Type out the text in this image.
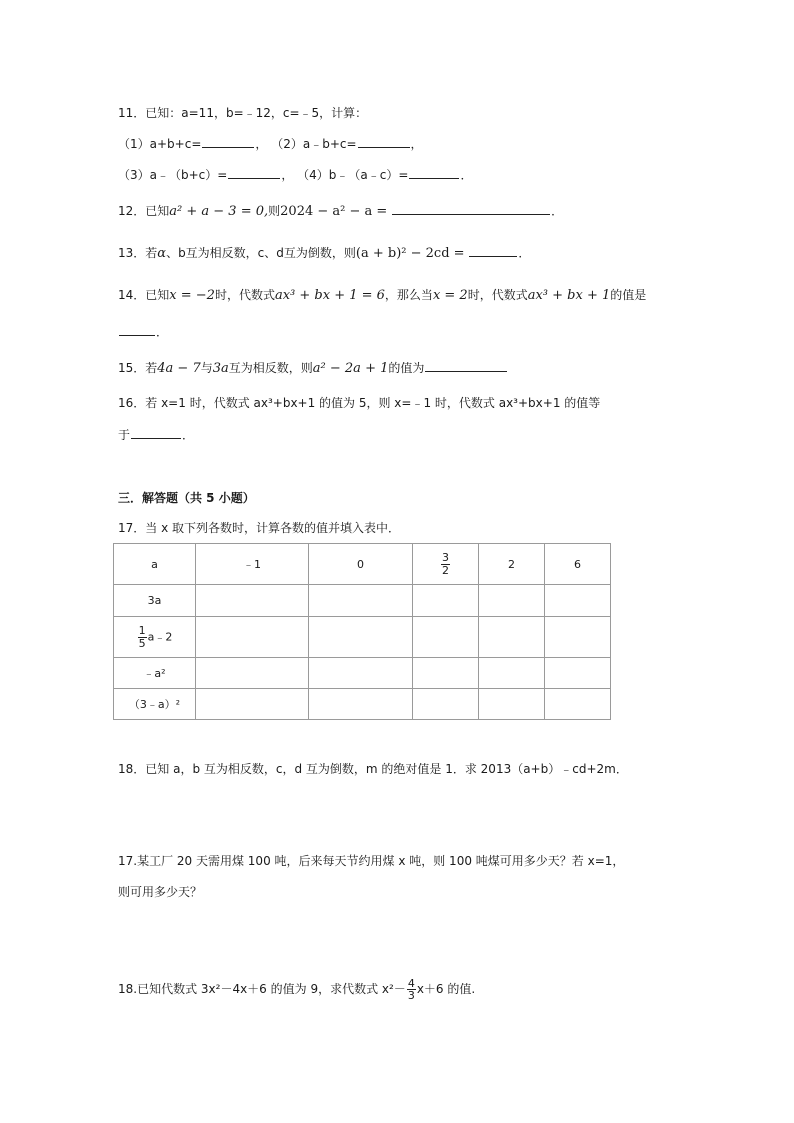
11．已知：a=11，b=﹣12，c=﹣5，计算：
（1）a+b+c=	， （2）a﹣b+c=	，
（3）a﹣（b+c）=	， （4）b﹣（a﹣c）=	．
12．已知a² + a − 3 = 0,则2024 − a² − a =	．
13．若α、b互为相反数，c、d互为倒数，则(a + b)² − 2cd =	．
14．已知x = −2时，代数式ax³ + bx + 1 = 6，那么当x = 2时，代数式ax³ + bx + 1的值是
．
15．若4a − 7与3a互为相反数，则a² − 2a + 1的值为
16．若 x=1 时，代数式 ax³+bx+1 的值为 5，则 x=﹣1 时，代数式 ax³+bx+1 的值等
于	．
三．解答题（共 5 小题）
17．当 x 取下列各数时，计算各数的值并填入表中．
a	﹣1	0	$\frac{3}{2}$	2	6
3a					

$\frac{1}{5}$ a﹣2					
﹣a²					
（3﹣a）²					
18．已知 a，b 互为相反数，c，d 互为倒数，m 的绝对值是 1．求 2013（a+b）﹣cd+2m．
17.某工厂 20 天需用煤 100 吨，后来每天节约用煤 x 吨，则 100 吨煤可用多少天？若 x=1，
则可用多少天？
18.已知代数式 3x²－4x＋6 的值为 9，求代数式 $x^2- \frac{4}{3} x+6$ 的值.
